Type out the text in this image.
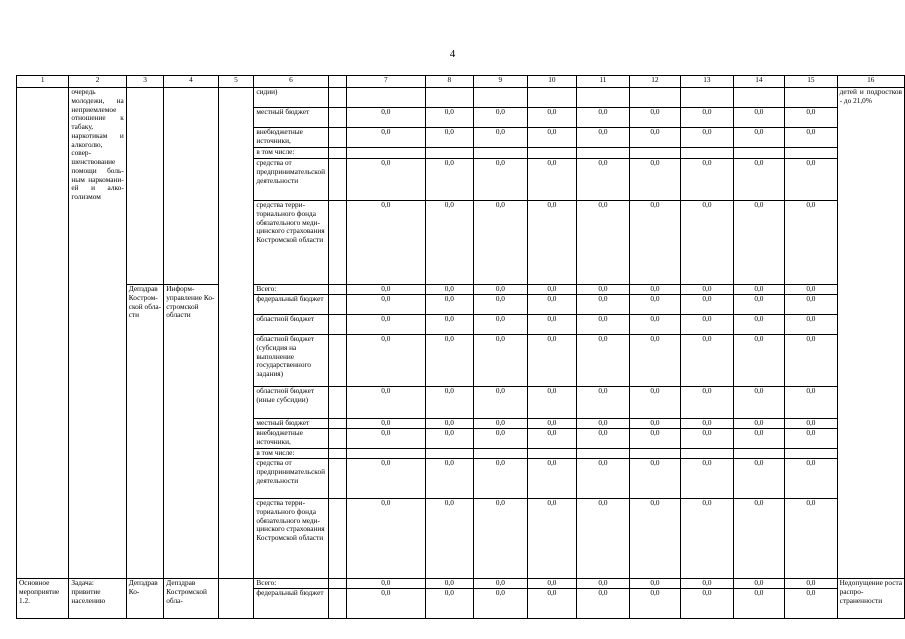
4
1	2	3	4	5	6		7	8	9	10	11	12	13	14	15	16
	очередь молодежи, на неприемлемое отношение к табаку, наркотикам и алкоголю, совершенствование помощи больным наркоманией и алкоголизмом				сидии)											детей и подростков - до 21,0%
					местный бюджет		0,0	0,0	0,0	0,0	0,0	0,0	0,0	0,0	0,0	
					внебюджетные источники,		0,0	0,0	0,0	0,0	0,0	0,0	0,0	0,0	0,0	
					в том числе:											
					средства от предпринимательской деятельности		0,0	0,0	0,0	0,0	0,0	0,0	0,0	0,0	0,0	
					средства территориального фонда обязательного медицинского страхования Костромской области		0,0	0,0	0,0	0,0	0,0	0,0	0,0	0,0	0,0	
		Депздрав Костромской области	Информуправление Костромской области		Всего:		0,0	0,0	0,0	0,0	0,0	0,0	0,0	0,0	0,0	
					федеральный бюджет		0,0	0,0	0,0	0,0	0,0	0,0	0,0	0,0	0,0	
					областной бюджет		0,0	0,0	0,0	0,0	0,0	0,0	0,0	0,0	0,0	
					областной бюджет (субсидия на выполнение государственного задания)		0,0	0,0	0,0	0,0	0,0	0,0	0,0	0,0	0,0	
					областной бюджет (иные субсидии)		0,0	0,0	0,0	0,0	0,0	0,0	0,0	0,0	0,0	
					местный бюджет		0,0	0,0	0,0	0,0	0,0	0,0	0,0	0,0	0,0	
					внебюджетные источники,		0,0	0,0	0,0	0,0	0,0	0,0	0,0	0,0	0,0	
					в том числе:											
					средства от предпринимательской деятельности		0,0	0,0	0,0	0,0	0,0	0,0	0,0	0,0	0,0	
					средства территориального фонда обязательного медицинского страхования Костромской области		0,0	0,0	0,0	0,0	0,0	0,0	0,0	0,0	0,0	
Основное мероприятие 1.2.	Задача: привитие населению	Депздрав Ко-	Депздрав Костромской обла-		Всего:		0,0	0,0	0,0	0,0	0,0	0,0	0,0	0,0	0,0	Недопущение роста распространенности
					федеральный бюджет		0,0	0,0	0,0	0,0	0,0	0,0	0,0	0,0	0,0	
